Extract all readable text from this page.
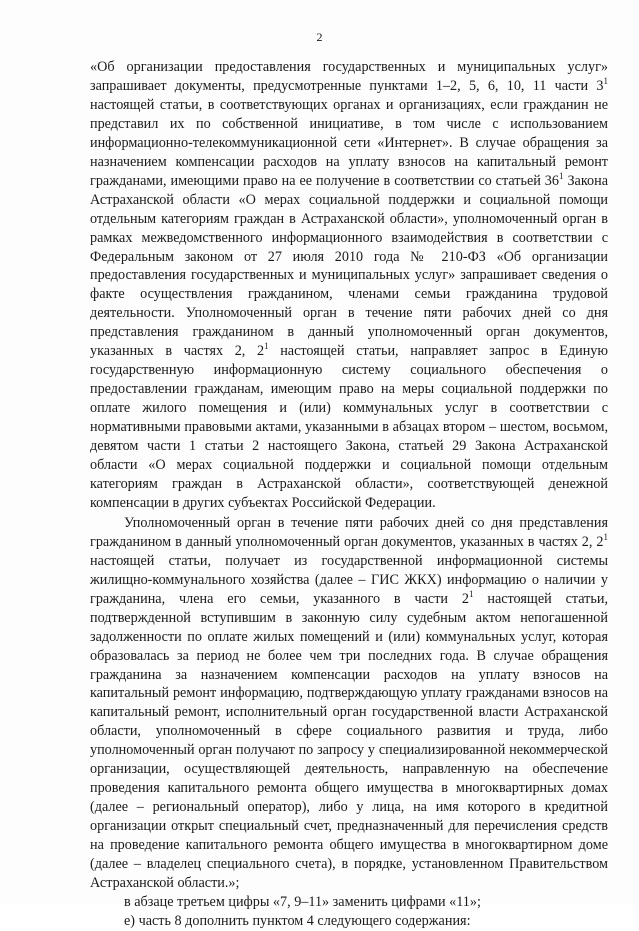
2

«Об организации предоставления государственных и муниципальных услуг» запрашивает документы, предусмотренные пунктами 1–2, 5, 6, 10, 11 части $3^1$ настоящей статьи, в соответствующих органах и организациях, если гражданин не представил их по собственной инициативе, в том числе с использованием информационно-телекоммуникационной сети «Интернет». В случае обращения за назначением компенсации расходов на уплату взносов на капитальный ремонт гражданами, имеющими право на ее получение в соответствии со статьей $36^1$ Закона Астраханской области «О мерах социальной поддержки и социальной помощи отдельным категориям граждан в Астраханской области», уполномоченный орган в рамках межведомственного информационного взаимодействия в соответствии с Федеральным законом от 27 июля 2010 года № 210-ФЗ «Об организации предоставления государственных и муниципальных услуг» запрашивает сведения о факте осуществления гражданином, членами семьи гражданина трудовой деятельности. Уполномоченный орган в течение пяти рабочих дней со дня представления гражданином в данный уполномоченный орган документов, указанных в частях 2, $2^1$ настоящей статьи, направляет запрос в Единую государственную информационную систему социального обеспечения о предоставлении гражданам, имеющим право на меры социальной поддержки по оплате жилого помещения и (или) коммунальных услуг в соответствии с нормативными правовыми актами, указанными в абзацах втором – шестом, восьмом, девятом части 1 статьи 2 настоящего Закона, статьей 29 Закона Астраханской области «О мерах социальной поддержки и социальной помощи отдельным категориям граждан в Астраханской области», соответствующей денежной компенсации в других субъектах Российской Федерации.

Уполномоченный орган в течение пяти рабочих дней со дня представления гражданином в данный уполномоченный орган документов, указанных в частях 2, $2^1$ настоящей статьи, получает из государственной информационной системы жилищно-коммунального хозяйства (далее – ГИС ЖКХ) информацию о наличии у гражданина, члена его семьи, указанного в части $2^1$ настоящей статьи, подтвержденной вступившим в законную силу судебным актом непогашенной задолженности по оплате жилых помещений и (или) коммунальных услуг, которая образовалась за период не более чем три последних года. В случае обращения гражданина за назначением компенсации расходов на уплату взносов на капитальный ремонт информацию, подтверждающую уплату гражданами взносов на капитальный ремонт, исполнительный орган государственной власти Астраханской области, уполномоченный в сфере социального развития и труда, либо уполномоченный орган получают по запросу у специализированной некоммерческой организации, осуществляющей деятельность, направленную на обеспечение проведения капитального ремонта общего имущества в многоквартирных домах (далее – региональный оператор), либо у лица, на имя которого в кредитной организации открыт специальный счет, предназначенный для перечисления средств на проведение капитального ремонта общего имущества в многоквартирном доме (далее – владелец специального счета), в порядке, установленном Правительством Астраханской области.»;

в абзаце третьем цифры «7, 9–11» заменить цифрами «11»;

е) часть 8 дополнить пунктом 4 следующего содержания:
